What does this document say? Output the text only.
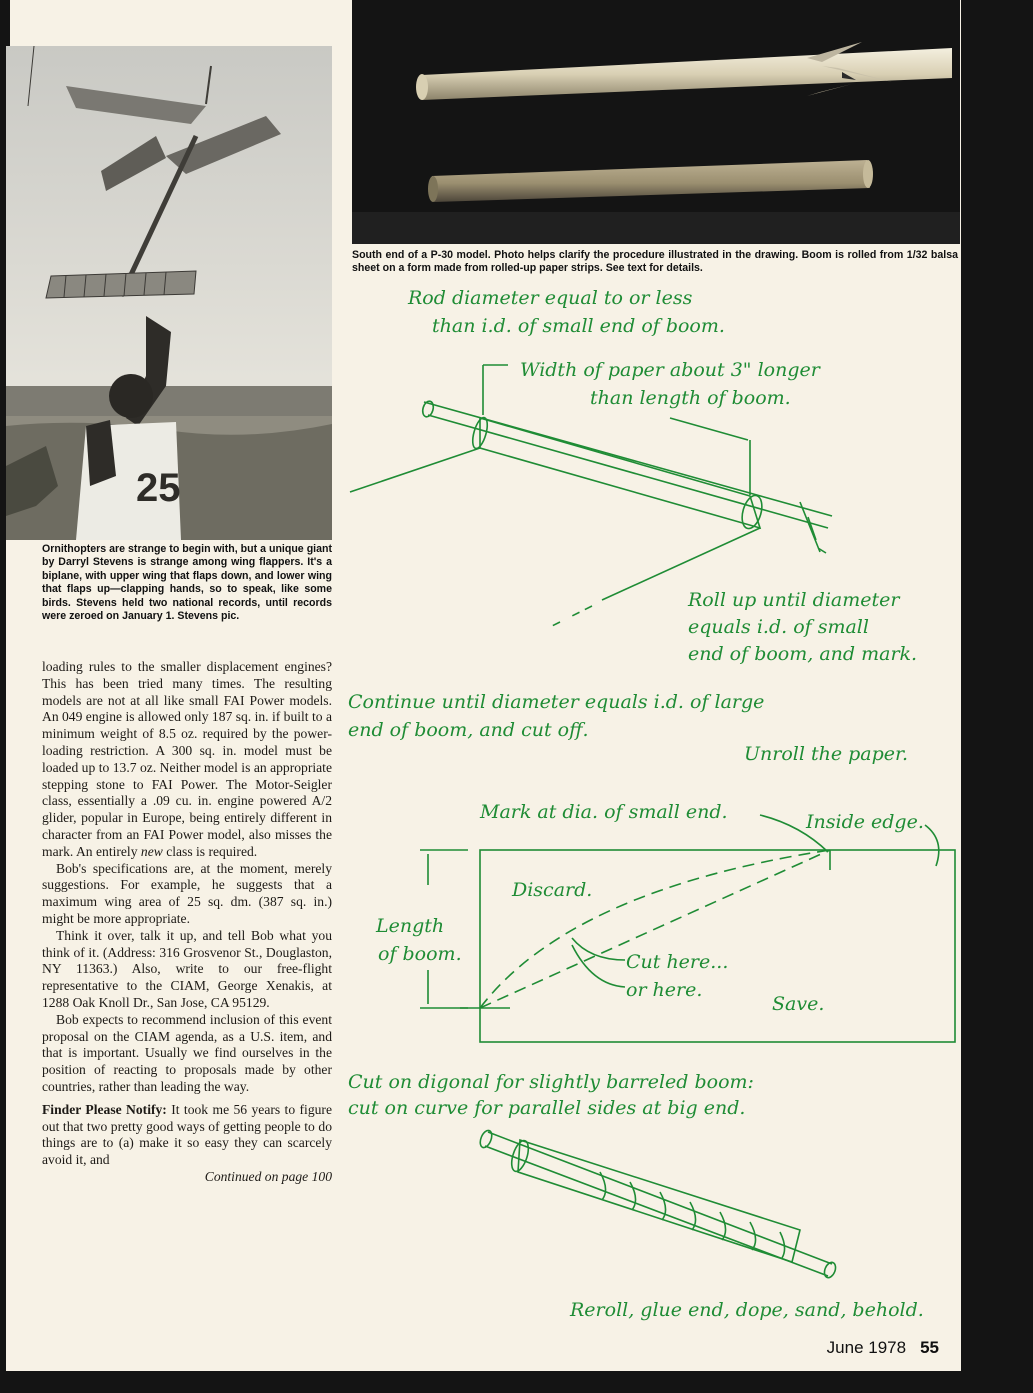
South end of a P-30 model. Photo helps clarify the procedure illustrated in the drawing. Boom is rolled from 1/32 balsa sheet on a form made from rolled-up paper strips. See text for details.
25
Ornithopters are strange to begin with, but a unique giant by Darryl Stevens is strange among wing flappers. It's a biplane, with upper wing that flaps down, and lower wing that flaps up—clapping hands, so to speak, like some birds. Stevens held two national records, until records were zeroed on January 1. Stevens pic.

loading rules to the smaller displacement engines? This has been tried many times. The resulting models are not at all like small FAI Power models. An 049 engine is allowed only 187 sq. in. if built to a minimum weight of 8.5 oz. required by the power-loading restriction. A 300 sq. in. model must be loaded up to 13.7 oz. Neither model is an appropriate stepping stone to FAI Power. The Motor-Seigler class, essentially a .09 cu. in. engine powered A/2 glider, popular in Europe, being entirely different in character from an FAI Power model, also misses the mark. An entirely new class is required.

Bob's specifications are, at the moment, merely suggestions. For example, he suggests that a maximum wing area of 25 sq. dm. (387 sq. in.) might be more appropriate.

Think it over, talk it up, and tell Bob what you think of it. (Address: 316 Grosvenor St., Douglaston, NY 11363.) Also, write to our free-flight representative to the CIAM, George Xenakis, at 1288 Oak Knoll Dr., San Jose, CA 95129.

Bob expects to recommend inclusion of this event proposal on the CIAM agenda, as a U.S. item, and that is important. Usually we find ourselves in the position of reacting to proposals made by other countries, rather than leading the way.

Finder Please Notify: It took me 56 years to figure out that two pretty good ways of getting people to do things are to (a) make it so easy they can scarcely avoid it, and

Continued on page 100
Rod diameter equal to or less
than i.d. of small end of boom.
Width of paper about 3" longer
than length of boom.
Roll up until diameter
equals i.d. of small
end of boom, and mark.
Continue until diameter equals i.d. of large
end of boom, and cut off.
Unroll the paper.
Mark at dia. of small end.	Inside edge.
Discard.
Length
of boom.	Cut here...
or here.
Save.
Cut on digonal for slightly barreled boom:
cut on curve for parallel sides at big end.
Reroll, glue end, dope, sand, behold.
June 1978 55
